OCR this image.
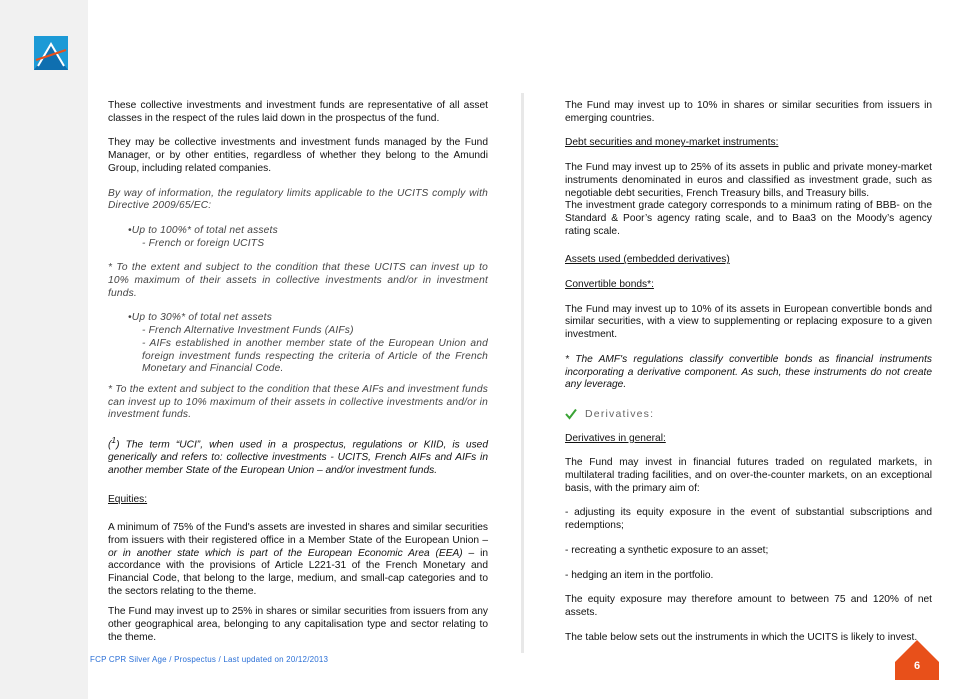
These collective investments and investment funds are representative of all asset classes in the respect of the rules laid down in the prospectus of the fund.

They may be collective investments and investment funds managed by the Fund Manager, or by other entities, regardless of whether they belong to the Amundi Group, including related companies.

By way of information, the regulatory limits applicable to the UCITS comply with Directive 2009/65/EC:

•Up to 100%* of total net assets

- French or foreign UCITS

* To the extent and subject to the condition that these UCITS can invest up to 10% maximum of their assets in collective investments and/or in investment funds.

•Up to 30%* of total net assets

- French Alternative Investment Funds (AIFs)

- AIFs established in another member state of the European Union and foreign investment funds respecting the criteria of Article of the French Monetary and Financial Code.

* To the extent and subject to the condition that these AIFs and investment funds can invest up to 10% maximum of their assets in collective investments and/or in investment funds.

($^1$) The term “UCI”, when used in a prospectus, regulations or KIID, is used generically and refers to: collective investments - UCITS, French AIFs and AIFs in another member State of the European Union – and/or investment funds.

Equities:

A minimum of 75% of the Fund's assets are invested in shares and similar securities from issuers with their registered office in a Member State of the European Union – or in another state which is part of the European Economic Area (EEA) – in accordance with the provisions of Article L221-31 of the French Monetary and Financial Code, that belong to the large, medium, and small-cap categories and to the sectors relating to the theme.

The Fund may invest up to 25% in shares or similar securities from issuers from any other geographical area, belonging to any capitalisation type and sector relating to the theme.

The Fund may invest up to 10% in shares or similar securities from issuers in emerging countries.

Debt securities and money-market instruments:

The Fund may invest up to 25% of its assets in public and private money-market instruments denominated in euros and classified as investment grade, such as negotiable debt securities, French Treasury bills, and Treasury bills.

The investment grade category corresponds to a minimum rating of BBB- on the Standard & Poor’s agency rating scale, and to Baa3 on the Moody’s agency rating scale.

Assets used (embedded derivatives)

Convertible bonds*:

The Fund may invest up to 10% of its assets in European convertible bonds and similar securities, with a view to supplementing or replacing exposure to a given investment.

* The AMF's regulations classify convertible bonds as financial instruments incorporating a derivative component. As such, these instruments do not create any leverage.

Derivatives:

Derivatives in general:

The Fund may invest in financial futures traded on regulated markets, in multilateral trading facilities, and on over-the-counter markets, on an exceptional basis, with the primary aim of:

- adjusting its equity exposure in the event of substantial subscriptions and redemptions;

- recreating a synthetic exposure to an asset;

- hedging an item in the portfolio.

The equity exposure may therefore amount to between 75 and 120% of net assets.

The table below sets out the instruments in which the UCITS is likely to invest.

FCP CPR Silver Age / Prospectus / Last updated on 20/12/2013
6
